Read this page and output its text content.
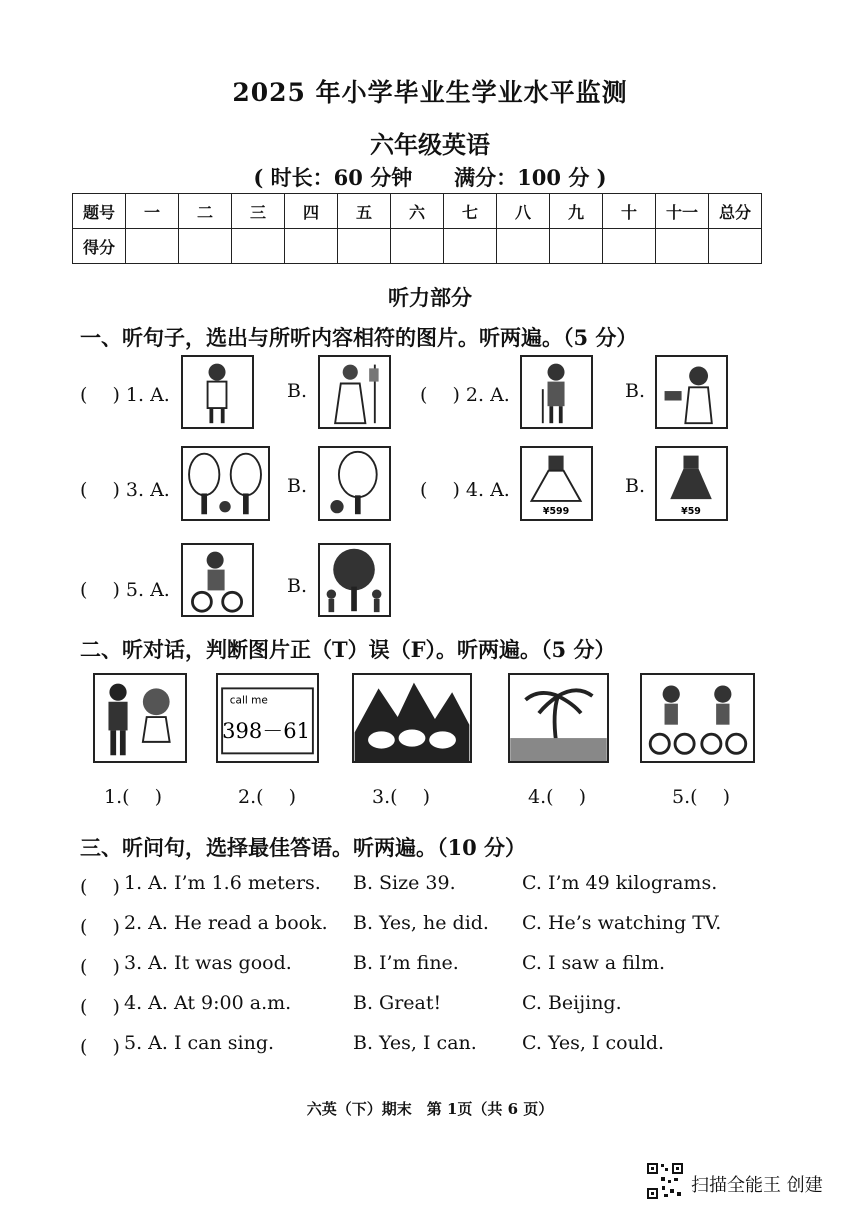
2025 年小学毕业生学业水平监测
六年级英语
( 时长：60 分钟　　满分：100 分 )
题号	一	二	三	四	五	六	七	八	九	十	十一	总分
得分												
听力部分
一、听句子，选出与所听内容相符的图片。听两遍。（5 分）
( 　) 1. A.	B.	( 　) 2. A.	B.
( 　) 3. A.	B.	( 　) 4. A.
¥599
B.
¥59
( 　) 5. A.	B.
二、听对话，判断图片正（T）误（F）。听两遍。（5 分）
call me
398－61
1.(　 )	2.(　 )	3.(　 )	4.(　 )	5.(　 )
三、听问句，选择最佳答语。听两遍。（10 分）
(　 ) 1. A. I’m 1.6 meters. B. Size 39.	C. I’m 49 kilograms.
(　 ) 2. A. He read a book. B. Yes, he did. C. He’s watching TV.
(　 ) 3. A. It was good.	B. I’m fine.	C. I saw a film.
(　 ) 4. A. At 9:00 a.m.	B. Great!	C. Beijing.
(　 ) 5. A. I can sing.	B. Yes, I can. C. Yes, I could.
六英（下）期末　第 1页（共 6 页）
扫描全能王 创建
